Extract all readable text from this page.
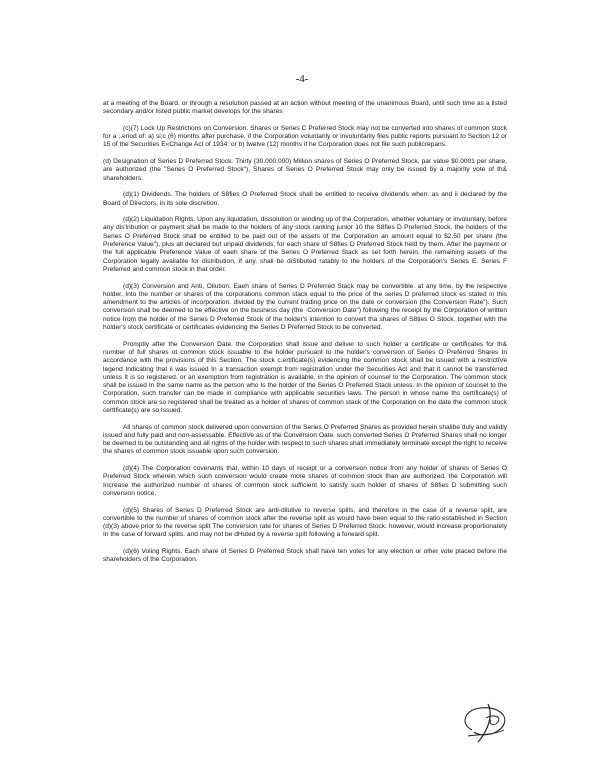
-4-

at a meeting of the Board. or through a resolution passed at an action without meeting of the unanimous Board, until such time as a listed secondary and/or listed public market develops for the shares

(c)(7) Lock Up Restrictions on Conversion. Shares or Series C Preferred Stock may not be converted into shares of common stock for a ;.eriod of: a) si;c (6) months after purchase, if the Corporation voluntarily or involuntarily files public reports pursuant to Section 12 or 15 of the Securities E«Change Act of 1934: or b) twelve (12) months if he Corporation does not file such publicrepans.

(d) Designation of Series D Preferred Stock. Thirty {30.000.000) Million shares of Series O Preferred Stock, par value $0.0001 per share, are authorized (the "Series O Preferred Stock"), Shares of Series O Preferred Stock may only be issued by a majority vote of th& shareholders.

(d)(1) Dividends. The holders of S8fies O Preferred Stock shall be entitled to receive dividends when. as and ii declared by the Board of Directors, in its sole discretion.

(d)(2) Liquidation Rights. Upon any liquidation, dissolution or winding up of the Corporation, whether voluntary or involuntary, before any dis'lribution or payment shall be made to the holders of any stock ranking junior 10 the S8fies D Preferred Stock, the holders of the Series O Preferred Stock shall be entilled to be paid out of the assets of the Corporation an amount equal to $2.50 per share (the Preference Value"), plus all declared but unpaid dividends, for each share of S8fies O Preferred Stock held by them. After the payment or the full applicable Preference Value of eaeh share of the Series O Preferred Stack as set forth herein. the remaining assets of the Corporation legally available for distribution, if any, shall be diStibuted ratably to the holders of the Corporation's Series E. Series F Preferred and common stock in that order.

(d)(3) Conversion and Anti, Oilution. Eaeh share of Series D Preferred Stack may be convertible. at any time, by lhe respective holder. Into the number or shares of the corporations common stack equal to the price of the series D preferred stock es stated in this amendment to the articles of incorporation. divided by the current trading price on the date or conversion (the Conversion Rate"). Such conversion shall be deemed to be effective on the business day (the ·Conversion Date") following the receipt by the Corporation of written notice from the holder of the Series D Preferred Stock of the holder's intention to convert tha shares of S8ties O Stock. together with the holder's stock certificate or certificates evidencing the Series D Preferred Stock to be converted.

Promptly after the Conversion Date. the Corporation shall issue and deliver to such holder a certificate or certificates for th& number of full shares ot common stock issuable to the holder pursuant to the holder's conversion of Series O Preferred Shares In accordance with the provisions of this Section. The stock c:ertificate(s) evidencing the common stock shall be issued with a restrictiVe legend Indicating that ii was issued In a transaction exempt from registration under the Securities Act and that it cannot be transferred unless It is so registered. or an exemption from registration is available. in the opinion of counsel to the Corporation. The common stock shall be issued In the same name as the person who Is the holder of the Series O Preferred Stack unless. In the opinion of counsel to the Corporation, such transfer can be made in compliance with applicable securities laws. The person in whose name ths certificate(s) of common stock are so registered shall be treated as a holder of shares of common stack of the Corporation on lhe date the common stock certlficate(s) are so Issued.

All shares of common stock delivered upon conversion of the Series O Preferred Shares as provided herein shallbe duly and validly issued and fully paid and non-assessable. EffectiVe as of the Conversion Oate. such converted Series O Preferred Shares shall no longer be deemed to be outstanding and all rights of the holder with respect to such shares shall immediately terminate except the right to receive the shares of common stock issuable upon such conversion.

(d)(4) The Corporation covenants that, within 10 days of receipt or a conversion notice from any holder of shares of Series O Preferred Stock wherein which such conversion would create more shares of common stock than are authorized. the Corporation will Increase the authorized number of shares of common stock sufficient to satisfy such holder of shares of S8fies D submitting such conversion notice.

(d)(5) Shares of Series D Preferred Stock are anti-dilutive to reverse spills, and therefore in the case of a reverse split, are convertible to the number of shares of common stock after the reverse split as would have been equal to the ratio established in Section (d)(3) above prior to the reverse split The conversion rate for shares of Series D Preferred Stock. however, would increase proportionately In the case of forward splits. and may not be dHuted by a reverse spilt following a forward split.

(d)(6) Voling Rights. Each share of Series D Preferred Stock shall have ten votes for any election or olher vote placed before lhe shareholders of the Corporation.
